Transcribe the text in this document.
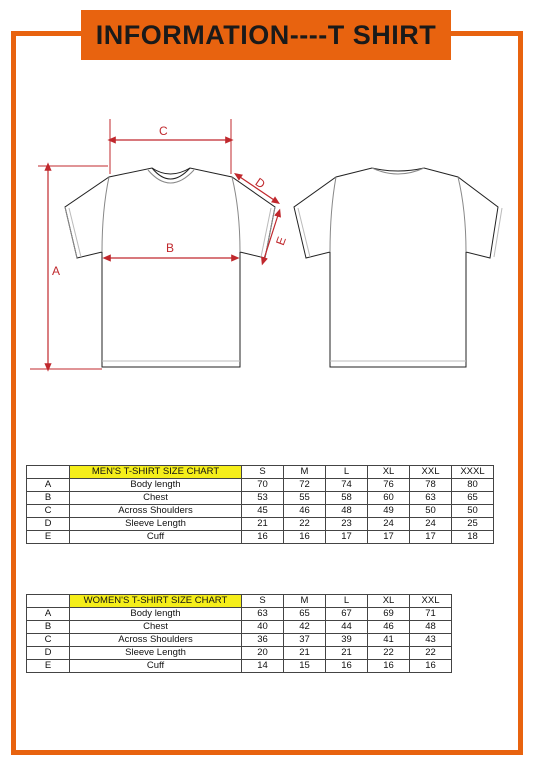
INFORMATION----T SHIRT
A
B
C
D
E
	MEN'S T-SHIRT SIZE CHART	S	M	L	XL	XXL	XXXL
A	Body length	70	72	74	76	78	80
B	Chest	53	55	58	60	63	65
C	Across Shoulders	45	46	48	49	50	50
D	Sleeve Length	21	22	23	24	24	25
E	Cuff	16	16	17	17	17	18
	WOMEN'S T-SHIRT SIZE CHART	S	M	L	XL	XXL
A	Body length	63	65	67	69	71
B	Chest	40	42	44	46	48
C	Across Shoulders	36	37	39	41	43
D	Sleeve Length	20	21	21	22	22
E	Cuff	14	15	16	16	16
